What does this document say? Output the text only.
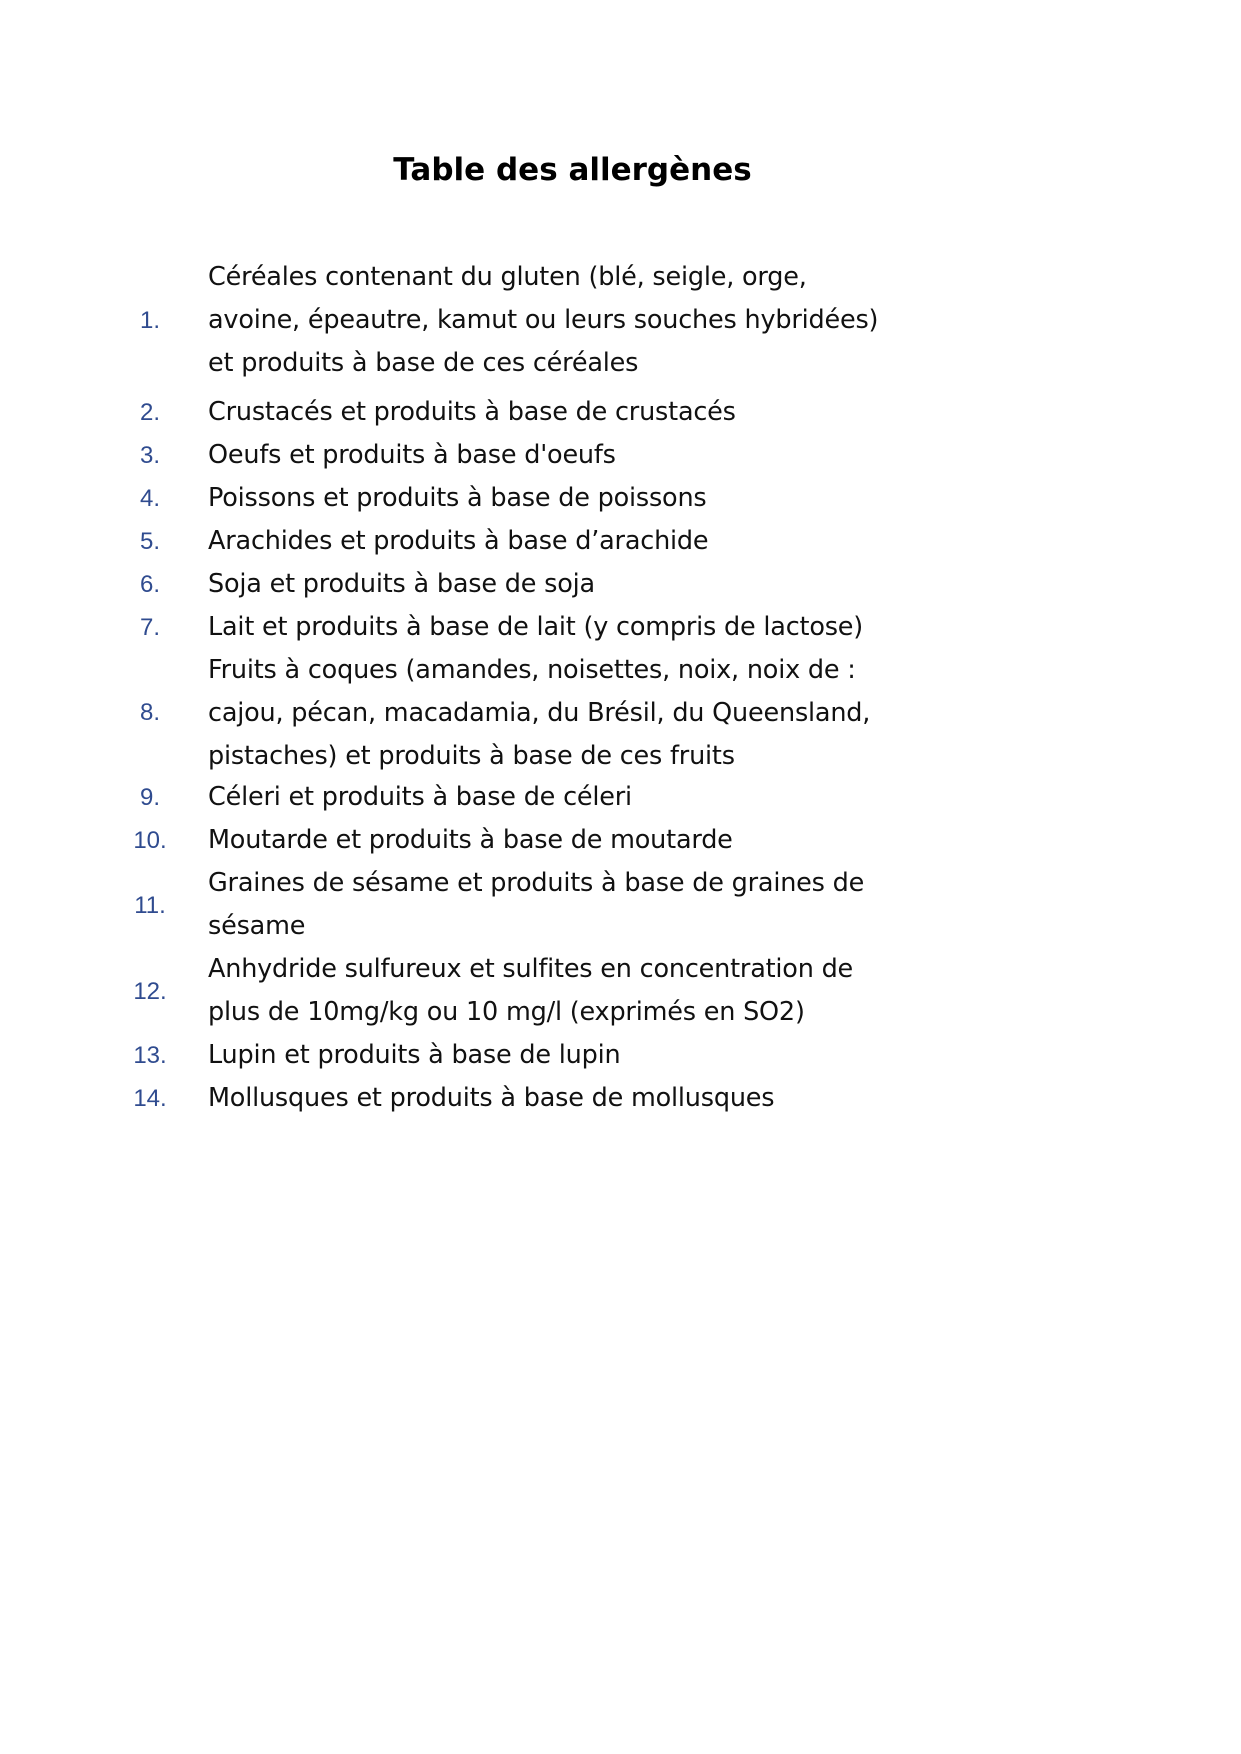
Table des allergènes
1.
Céréales contenant du gluten (blé, seigle, orge,
avoine, épeautre, kamut ou leurs souches hybridées)
et produits à base de ces céréales
2.	Crustacés et produits à base de crustacés
3.	Oeufs et produits à base d'oeufs
4.	Poissons et produits à base de poissons
5.	Arachides et produits à base d’arachide
6.	Soja et produits à base de soja
7.	Lait et produits à base de lait (y compris de lactose)
8.
Fruits à coques (amandes, noisettes, noix, noix de :
cajou, pécan, macadamia, du Brésil, du Queensland,
pistaches) et produits à base de ces fruits
9.	Céleri et produits à base de céleri
10.	Moutarde et produits à base de moutarde
11.
Graines de sésame et produits à base de graines de
sésame
12.
Anhydride sulfureux et sulfites en concentration de
plus de 10mg/kg ou 10 mg/l (exprimés en SO2)
13.	Lupin et produits à base de lupin
14.	Mollusques et produits à base de mollusques
